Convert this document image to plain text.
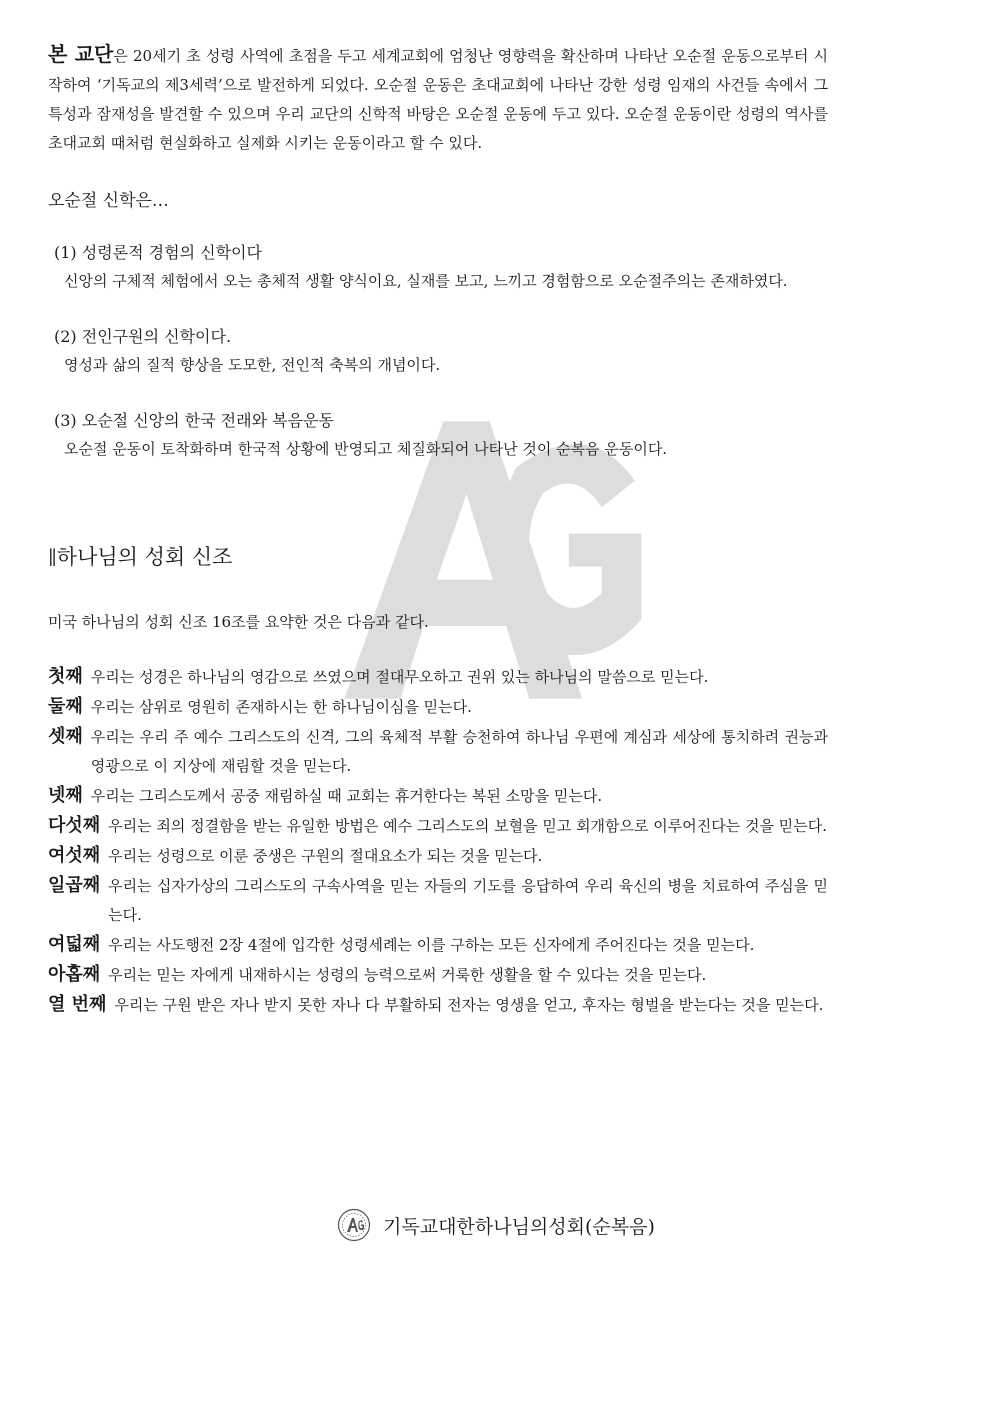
본 교단은 20세기 초 성령 사역에 초점을 두고 세계교회에 엄청난 영향력을 확산하며 나타난 오순절 운동으로부터 시작하여 ‘기독교의 제3세력’으로 발전하게 되었다. 오순절 운동은 초대교회에 나타난 강한 성령 임재의 사건들 속에서 그 특성과 잠재성을 발견할 수 있으며 우리 교단의 신학적 바탕은 오순절 운동에 두고 있다. 오순절 운동이란 성령의 역사를 초대교회 때처럼 현실화하고 실제화 시키는 운동이라고 할 수 있다.

오순절 신학은…

(1) 성령론적 경험의 신학이다

신앙의 구체적 체험에서 오는 총체적 생활 양식이요, 실재를 보고, 느끼고 경험함으로 오순절주의는 존재하였다.

(2) 전인구원의 신학이다.

영성과 삶의 질적 향상을 도모한, 전인적 축복의 개념이다.

(3) 오순절 신앙의 한국 전래와 복음운동

오순절 운동이 토착화하며 한국적 상황에 반영되고 체질화되어 나타난 것이 순복음 운동이다.

∥하나님의 성회 신조

미국 하나님의 성회 신조 16조를 요약한 것은 다음과 같다.

첫째 우리는 성경은 하나님의 영감으로 쓰였으며 절대무오하고 권위 있는 하나님의 말씀으로 믿는다.
둘째 우리는 삼위로 영원히 존재하시는 한 하나님이심을 믿는다.
셋째 우리는 우리 주 예수 그리스도의 신격, 그의 육체적 부활 승천하여 하나님 우편에 계심과 세상에 통치하려 권능과 영광으로 이 지상에 재림할 것을 믿는다.
넷째 우리는 그리스도께서 공중 재림하실 때 교회는 휴거한다는 복된 소망을 믿는다.
다섯째 우리는 죄의 정결함을 받는 유일한 방법은 예수 그리스도의 보혈을 믿고 회개함으로 이루어진다는 것을 믿는다.
여섯째 우리는 성령으로 이룬 중생은 구원의 절대요소가 되는 것을 믿는다.
일곱째 우리는 십자가상의 그리스도의 구속사역을 믿는 자들의 기도를 응답하여 우리 육신의 병을 치료하여 주심을 믿는다.
여덟째 우리는 사도행전 2장 4절에 입각한 성령세례는 이를 구하는 모든 신자에게 주어진다는 것을 믿는다.
아홉째 우리는 믿는 자에게 내재하시는 성령의 능력으로써 거룩한 생활을 할 수 있다는 것을 믿는다.
열 번째 우리는 구원 받은 자나 받지 못한 자나 다 부활하되 전자는 영생을 얻고, 후자는 형벌을 받는다는 것을 믿는다.
기독교대한하나님의성회(순복음)
